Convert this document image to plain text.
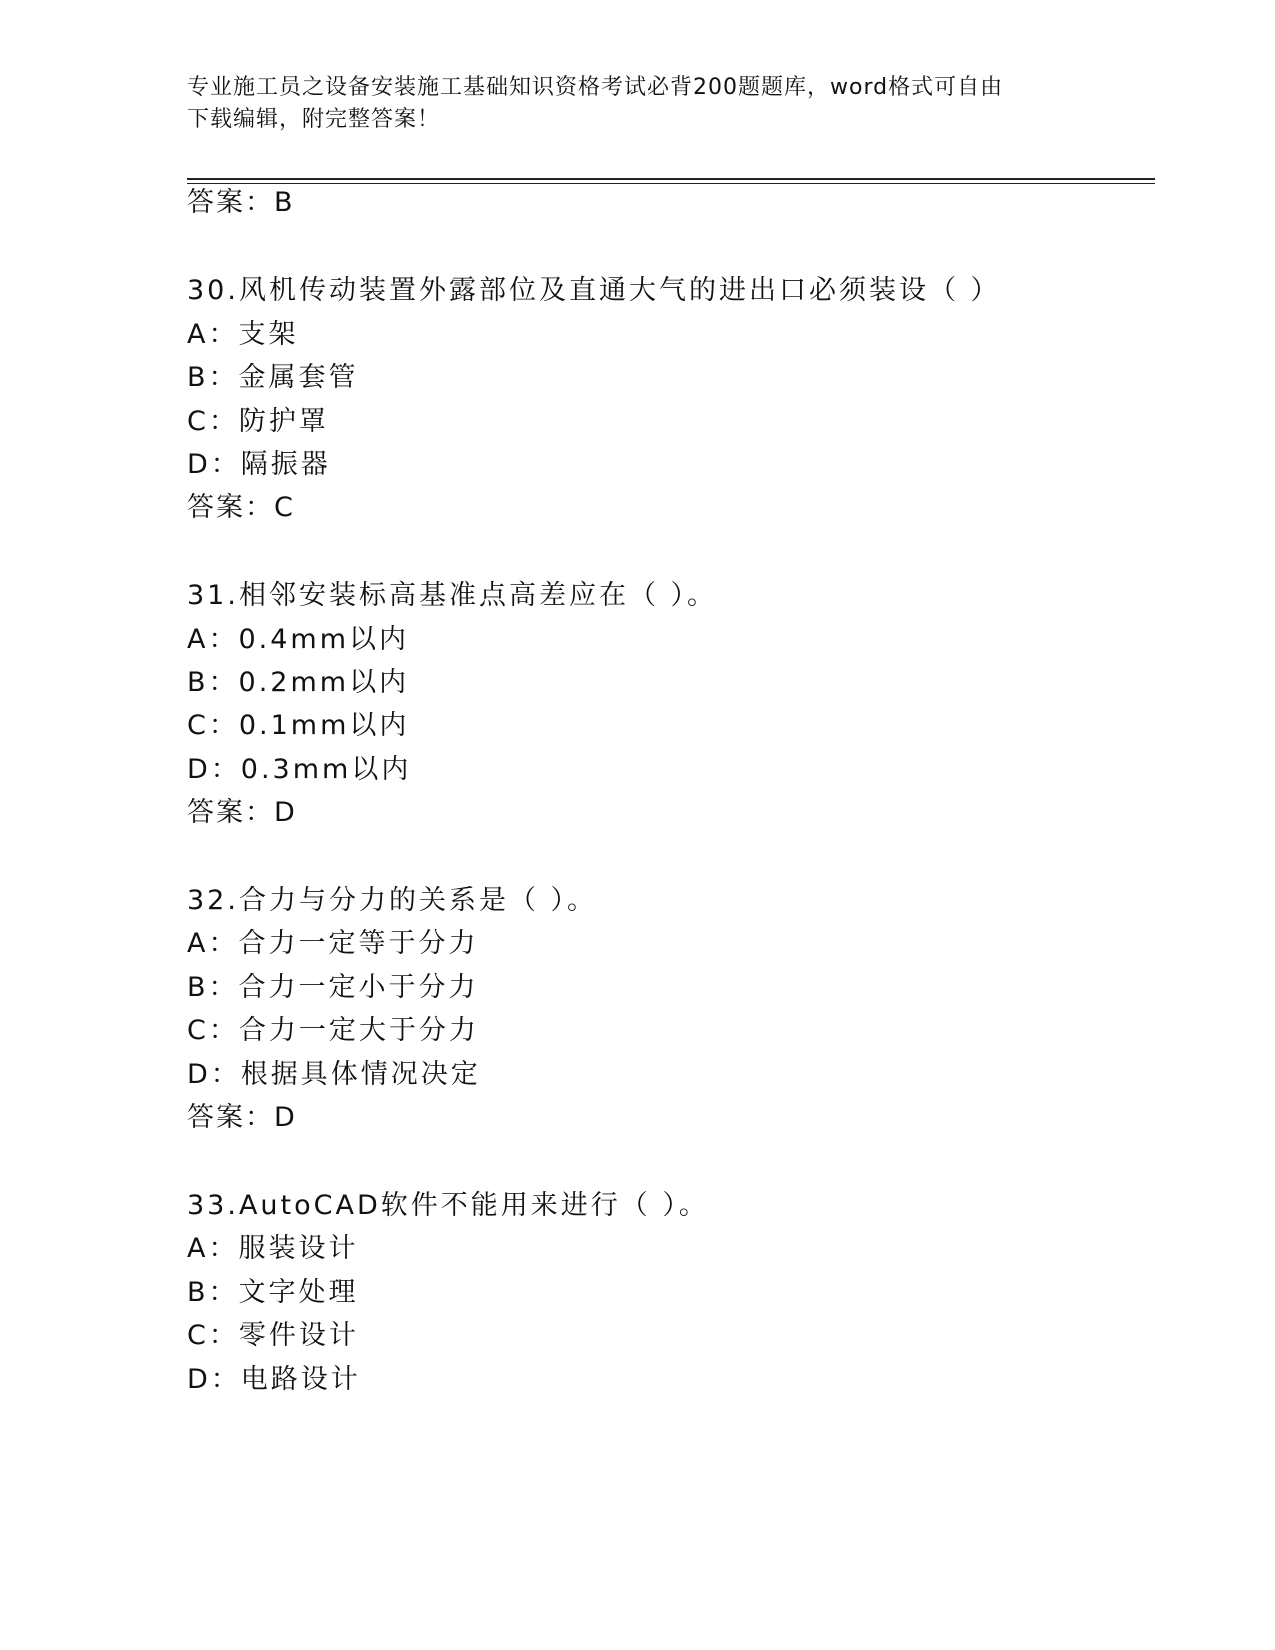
专业施工员之设备安装施工基础知识资格考试必背200题题库，word格式可自由
下载编辑，附完整答案！
答案：B
30.风机传动装置外露部位及直通大气的进出口必须装设（ ）
A：支架
B：金属套管
C：防护罩
D：隔振器
答案：C
31.相邻安装标高基准点高差应在（ ）。
A：0.4mm以内
B：0.2mm以内
C：0.1mm以内
D：0.3mm以内
答案：D
32.合力与分力的关系是（ ）。
A：合力一定等于分力
B：合力一定小于分力
C：合力一定大于分力
D：根据具体情况决定
答案：D
33.AutoCAD软件不能用来进行（ ）。
A：服装设计
B：文字处理
C：零件设计
D：电路设计
